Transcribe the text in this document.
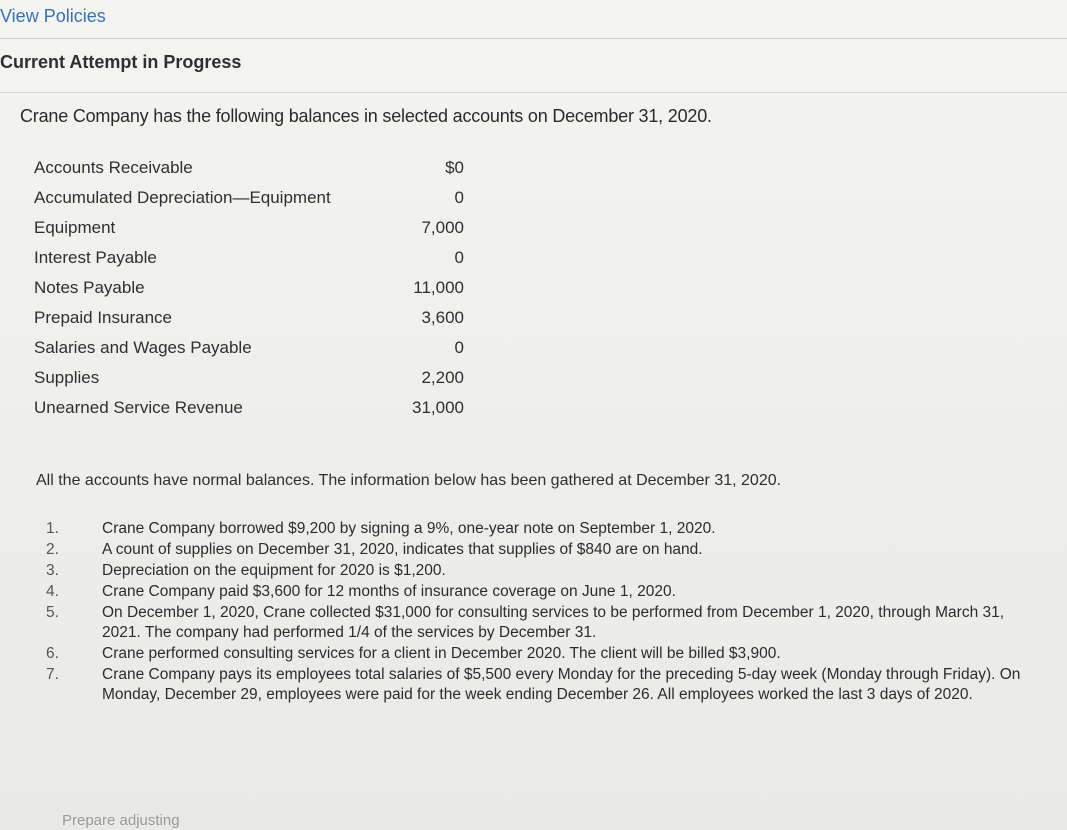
View Policies
Current Attempt in Progress
Crane Company has the following balances in selected accounts on December 31, 2020.
Accounts Receivable	$0
Accumulated Depreciation—Equipment	0
Equipment	7,000
Interest Payable	0
Notes Payable	11,000
Prepaid Insurance	3,600
Salaries and Wages Payable	0
Supplies	2,200
Unearned Service Revenue	31,000
All the accounts have normal balances. The information below has been gathered at December 31, 2020.
1.	Crane Company borrowed $9,200 by signing a 9%, one-year note on September 1, 2020.
2.	A count of supplies on December 31, 2020, indicates that supplies of $840 are on hand.
3.	Depreciation on the equipment for 2020 is $1,200.
4.	Crane Company paid $3,600 for 12 months of insurance coverage on June 1, 2020.
5.	On December 1, 2020, Crane collected $31,000 for consulting services to be performed from December 1, 2020, through March 31, 2021. The company had performed 1/4 of the services by December 31.
6.	Crane performed consulting services for a client in December 2020. The client will be billed $3,900.
7.	Crane Company pays its employees total salaries of $5,500 every Monday for the preceding 5-day week (Monday through Friday). On Monday, December 29, employees were paid for the week ending December 26. All employees worked the last 3 days of 2020.
Prepare adjusting
